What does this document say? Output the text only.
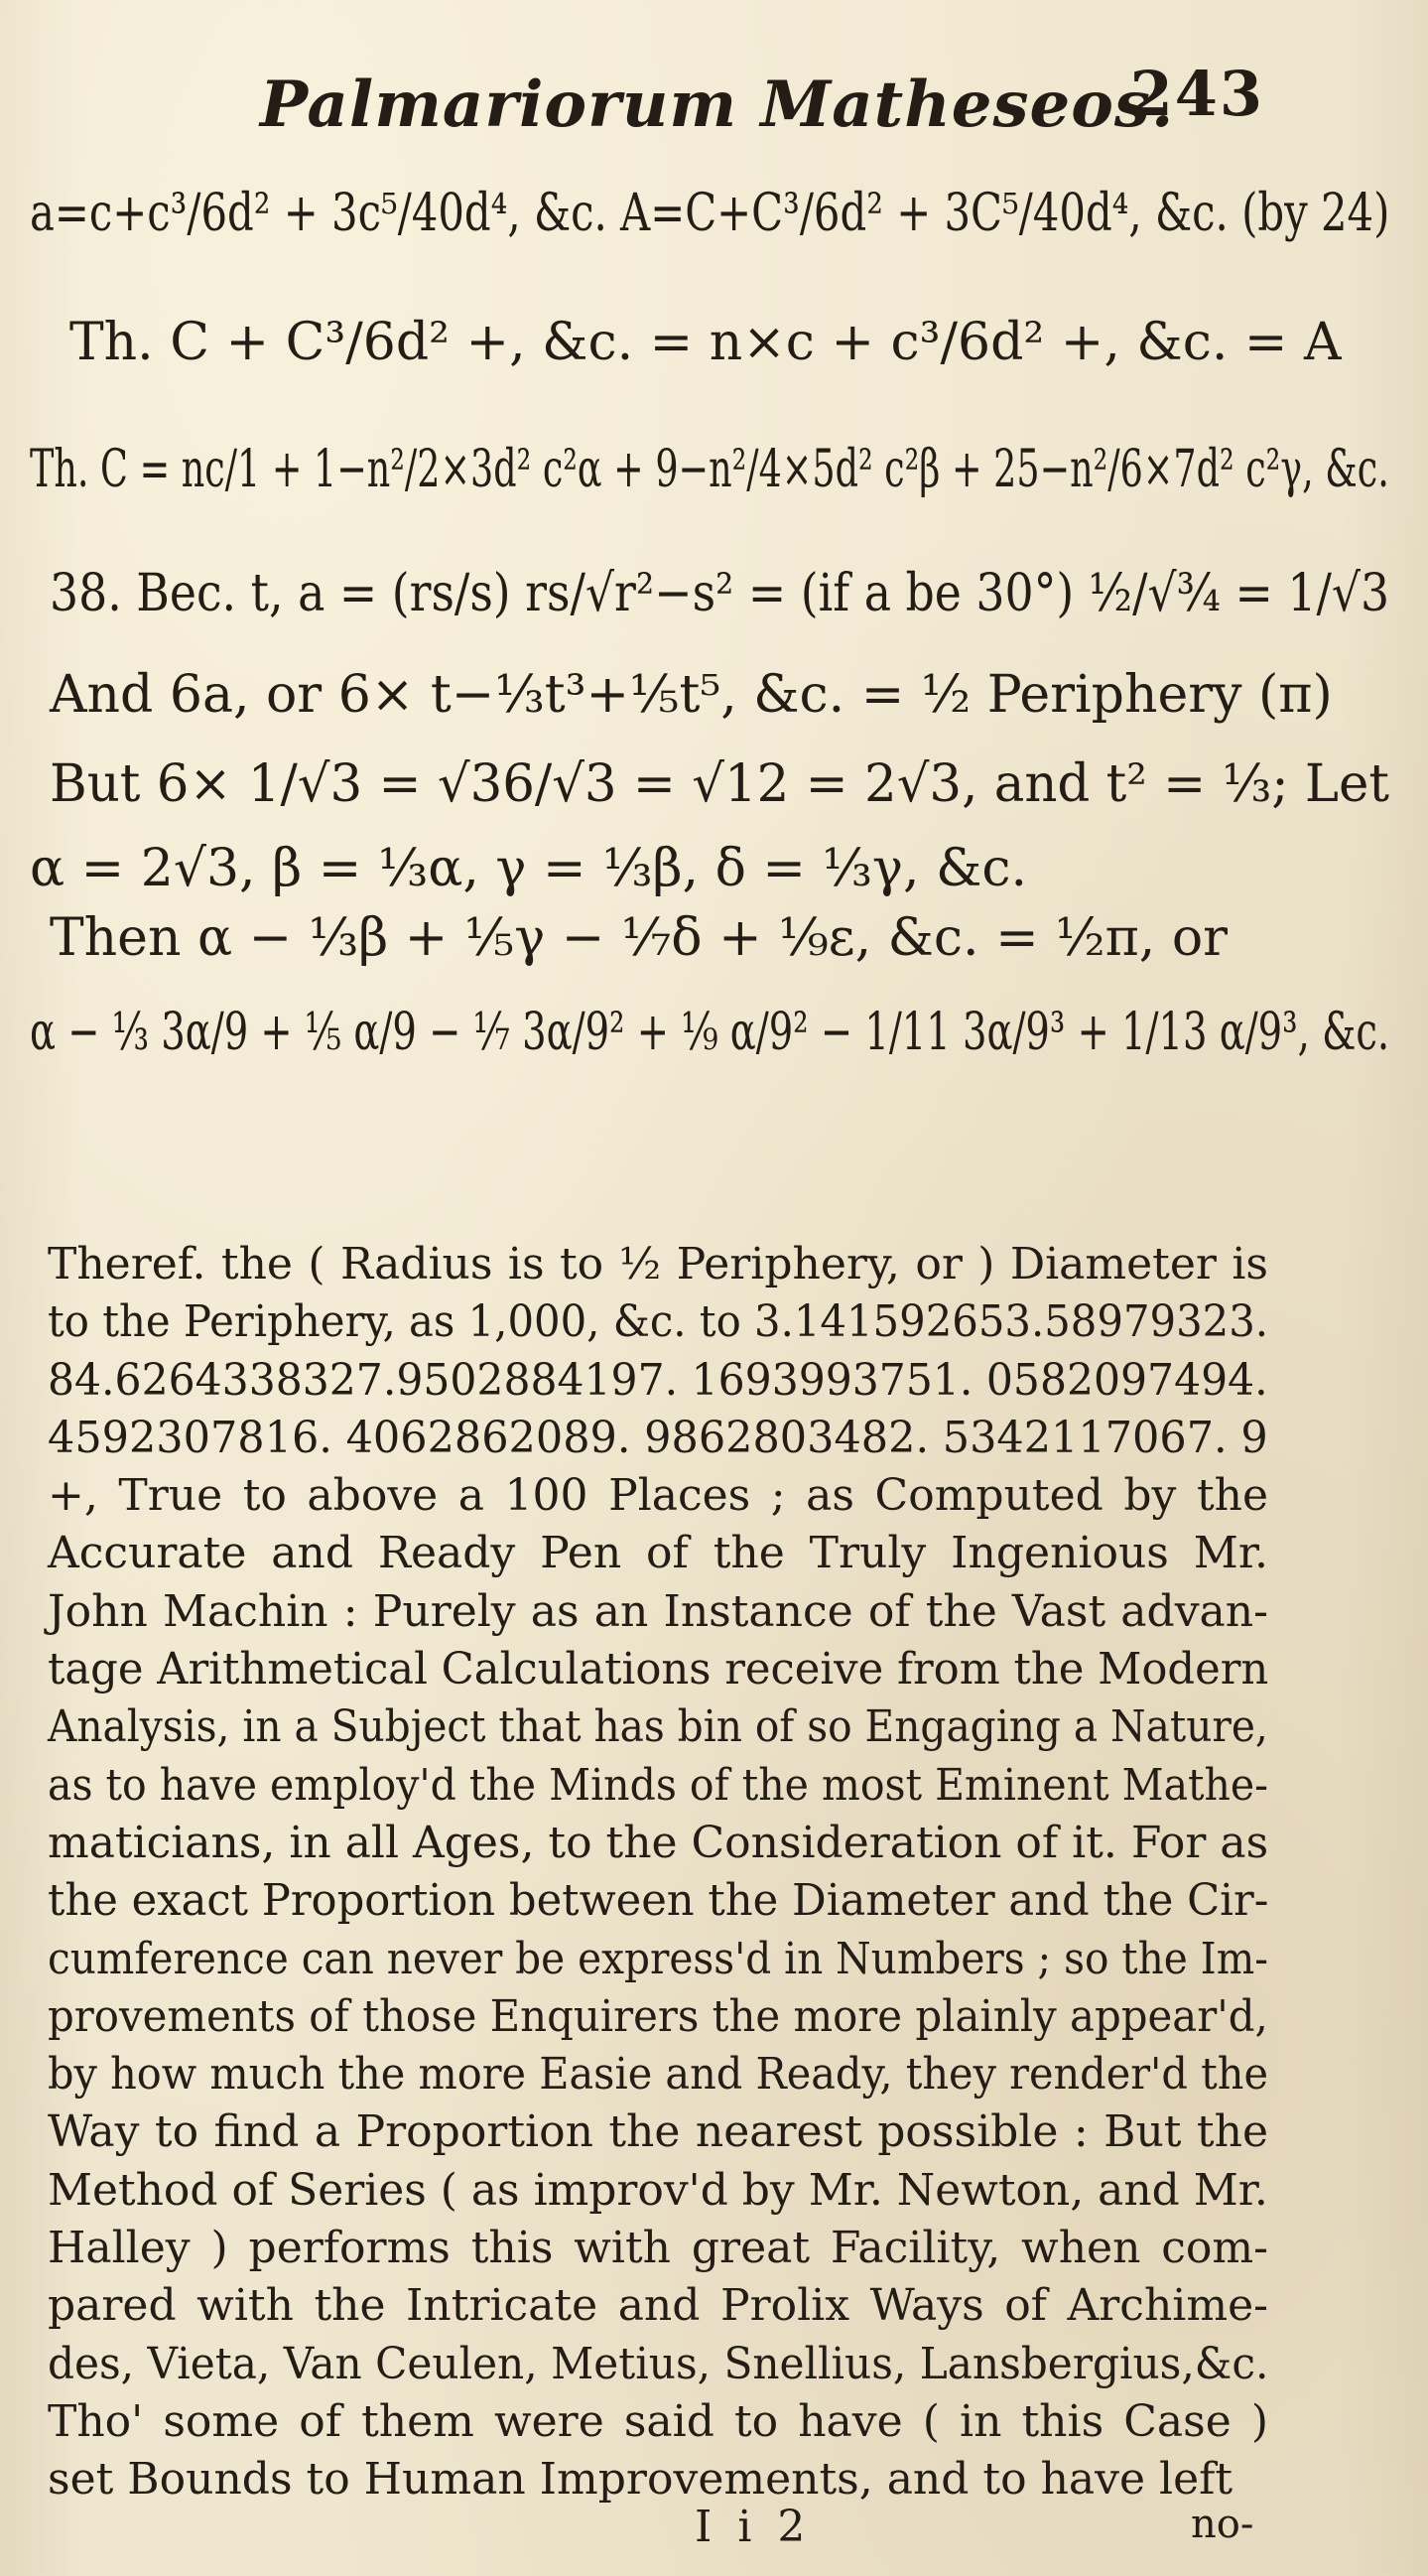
Palmariorum Matheseos.
243
a=c+c³/6d² + 3c⁵/40d⁴, &c. A=C+C³/6d² + 3C⁵/40d⁴, &c. (by 24)
Th. C + C³/6d² +, &c. = n×c + c³/6d² +, &c. = A
Th. C = nc/1 + 1−n²/2×3d² c²α + 9−n²/4×5d² c²β + 25−n²/6×7d² c²γ, &c.
38. Bec. t, a = (rs/s) rs/√r²−s² = (if a be 30°) ½/√¾ = 1/√3
And 6a, or 6× t−⅓t³+⅕t⁵, &c. = ½ Periphery (π)
But 6× 1/√3 = √36/√3 = √12 = 2√3, and t² = ⅓; Let
α = 2√3, β = ⅓α, γ = ⅓β, δ = ⅓γ, &c.
Then α − ⅓β + ⅕γ − ⅐δ + ⅑ε, &c. = ½π, or
α − ⅓ 3α/9 + ⅕ α/9 − ⅐ 3α/9² + ⅑ α/9² − 1/11 3α/9³ + 1/13 α/9³, &c.
Theref. the ( Radius is to ½ Periphery, or ) Diameter is
to the Periphery, as 1,000, &c. to 3.141592653.58979323.
84.6264338327.9502884197. 1693993751. 0582097494.
4592307816. 4062862089. 9862803482. 5342117067. 9
+, True to above a 100 Places ; as Computed by the
Accurate and Ready Pen of the Truly Ingenious Mr.
John Machin : Purely as an Instance of the Vast advan-
tage Arithmetical Calculations receive from the Modern
Analysis, in a Subject that has bin of so Engaging a Nature,
as to have employ'd the Minds of the most Eminent Mathe-
maticians, in all Ages, to the Consideration of it. For as
the exact Proportion between the Diameter and the Cir-
cumference can never be express'd in Numbers ; so the Im-
provements of those Enquirers the more plainly appear'd,
by how much the more Easie and Ready, they render'd the
Way to find a Proportion the nearest possible : But the
Method of Series ( as improv'd by Mr. Newton, and Mr.
Halley ) performs this with great Facility, when com-
pared with the Intricate and Prolix Ways of Archime-
des, Vieta, Van Ceulen, Metius, Snellius, Lansbergius,&c.
Tho' some of them were said to have ( in this Case )
set Bounds to Human Improvements, and to have left
I i 2	no-
